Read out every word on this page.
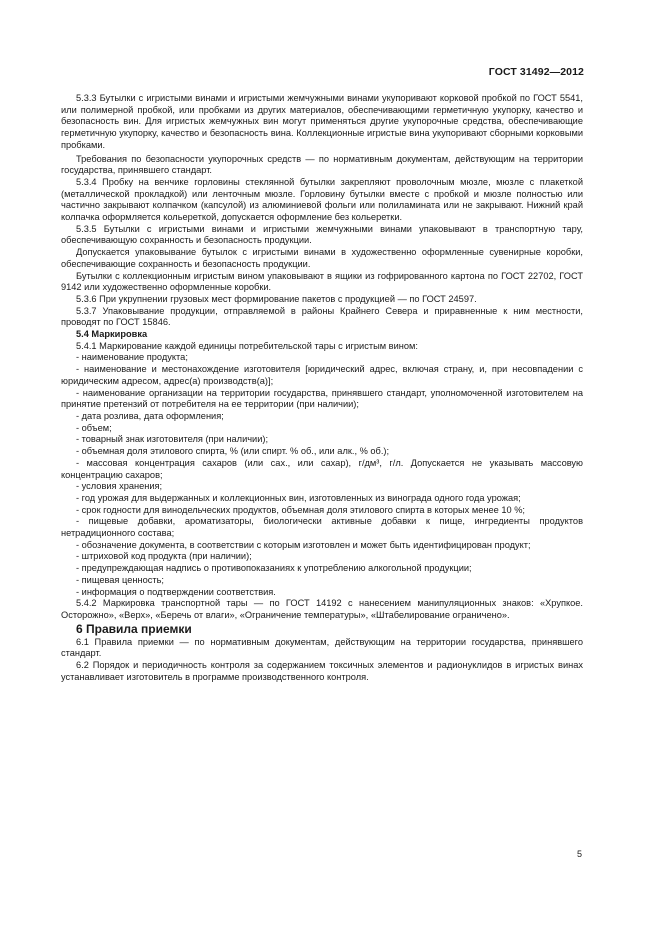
ГОСТ 31492—2012

5.3.3 Бутылки с игристыми винами и игристыми жемчужными винами укупоривают корковой пробкой по ГОСТ 5541, или полимерной пробкой, или пробками из других материалов, обеспечивающими герметичную укупорку, качество и безопасность вин. Для игристых жемчужных вин могут применяться другие укупорочные средства, обеспечивающие герметичную укупорку, качество и безопасность вина. Коллекционные игристые вина укупоривают сборными корковыми пробками.

Требования по безопасности укупорочных средств — по нормативным документам, действующим на территории государства, принявшего стандарт.

5.3.4 Пробку на венчике горловины стеклянной бутылки закрепляют проволочным мюзле, мюзле с плакеткой (металлической прокладкой) или ленточным мюзле. Горловину бутылки вместе с пробкой и мюзле полностью или частично закрывают колпачком (капсулой) из алюминиевой фольги или полиламината или не закрывают. Нижний край колпачка оформляется кольереткой, допускается оформление без кольеретки.

5.3.5 Бутылки с игристыми винами и игристыми жемчужными винами упаковывают в транспортную тару, обеспечивающую сохранность и безопасность продукции.

Допускается упаковывание бутылок с игристыми винами в художественно оформленные сувенирные коробки, обеспечивающие сохранность и безопасность продукции.

Бутылки с коллекционным игристым вином упаковывают в ящики из гофрированного картона по ГОСТ 22702, ГОСТ 9142 или художественно оформленные коробки.

5.3.6 При укрупнении грузовых мест формирование пакетов с продукцией — по ГОСТ 24597.

5.3.7 Упаковывание продукции, отправляемой в районы Крайнего Севера и приравненные к ним местности, проводят по ГОСТ 15846.

5.4 Маркировка

5.4.1 Маркирование каждой единицы потребительской тары с игристым вином:

- наименование продукта;

- наименование и местонахождение изготовителя [юридический адрес, включая страну, и, при несовпадении с юридическим адресом, адрес(а) производств(а)];

- наименование организации на территории государства, принявшего стандарт, уполномоченной изготовителем на принятие претензий от потребителя на ее территории (при наличии);

- дата розлива, дата оформления;

- объем;

- товарный знак изготовителя (при наличии);

- объемная доля этилового спирта, % (или спирт. % об., или алк., % об.);

- массовая концентрация сахаров (или сах., или сахар), г/дм³, г/л. Допускается не указывать массовую концентрацию сахаров;

- условия хранения;

- год урожая для выдержанных и коллекционных вин, изготовленных из винограда одного года урожая;

- срок годности для винодельческих продуктов, объемная доля этилового спирта в которых менее 10 %;

- пищевые добавки, ароматизаторы, биологически активные добавки к пище, ингредиенты продуктов нетрадиционного состава;

- обозначение документа, в соответствии с которым изготовлен и может быть идентифицирован продукт;

- штриховой код продукта (при наличии);

- предупреждающая надпись о противопоказаниях к употреблению алкогольной продукции;

- пищевая ценность;

- информация о подтверждении соответствия.

5.4.2 Маркировка транспортной тары — по ГОСТ 14192 с нанесением манипуляционных знаков: «Хрупкое. Осторожно», «Верх», «Беречь от влаги», «Ограничение температуры», «Штабелирование ограничено».

6 Правила приемки

6.1 Правила приемки — по нормативным документам, действующим на территории государства, принявшего стандарт.

6.2 Порядок и периодичность контроля за содержанием токсичных элементов и радионуклидов в игристых винах устанавливает изготовитель в программе производственного контроля.

5
